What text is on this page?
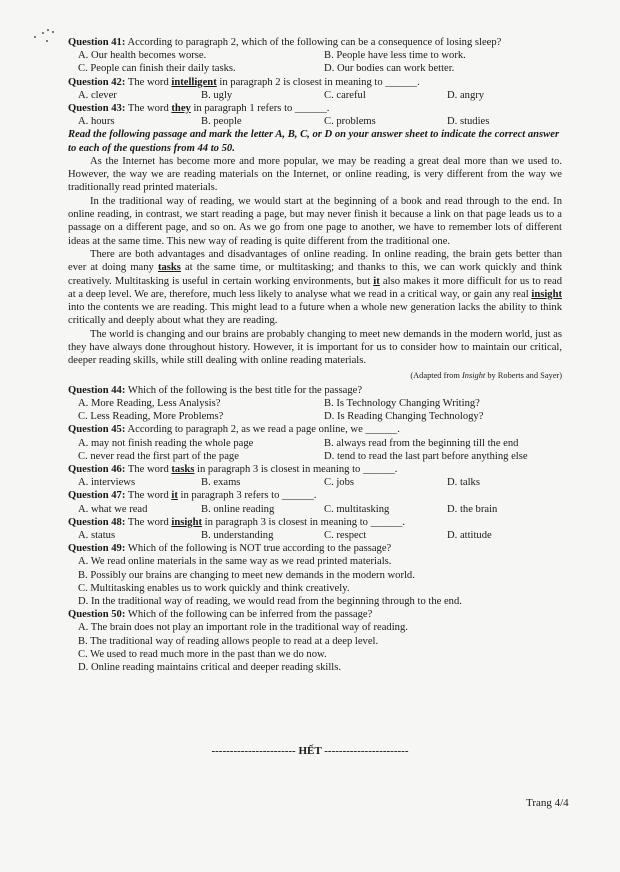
Question 41: According to paragraph 2, which of the following can be a consequence of losing sleep?

A. Our health becomes worse.	B. People have less time to work.
C. People can finish their daily tasks.	D. Our bodies can work better.

Question 42: The word intelligent in paragraph 2 is closest in meaning to ______.

A. clever	B. ugly	C. careful	D. angry

Question 43: The word they in paragraph 1 refers to ______.

A. hours	B. people	C. problems	D. studies

Read the following passage and mark the letter A, B, C, or D on your answer sheet to indicate the correct answer to each of the questions from 44 to 50.

As the Internet has become more and more popular, we may be reading a great deal more than we used to. However, the way we are reading materials on the Internet, or online reading, is very different from the way we traditionally read printed materials.

In the traditional way of reading, we would start at the beginning of a book and read through to the end. In online reading, in contrast, we start reading a page, but may never finish it because a link on that page leads us to a passage on a different page, and so on. As we go from one page to another, we have to remember lots of different ideas at the same time. This new way of reading is quite different from the traditional one.

There are both advantages and disadvantages of online reading. In online reading, the brain gets better than ever at doing many tasks at the same time, or multitasking; and thanks to this, we can work quickly and think creatively. Multitasking is useful in certain working environments, but it also makes it more difficult for us to read at a deep level. We are, therefore, much less likely to analyse what we read in a critical way, or gain any real insight into the contents we are reading. This might lead to a future when a whole new generation lacks the ability to think critically and deeply about what they are reading.

The world is changing and our brains are probably changing to meet new demands in the modern world, just as they have always done throughout history. However, it is important for us to consider how to maintain our critical, deeper reading skills, while still dealing with online reading materials.

(Adapted from Insight by Roberts and Sayer)

Question 44: Which of the following is the best title for the passage?

A. More Reading, Less Analysis?	B. Is Technology Changing Writing?
C. Less Reading, More Problems?	D. Is Reading Changing Technology?

Question 45: According to paragraph 2, as we read a page online, we ______.

A. may not finish reading the whole page	B. always read from the beginning till the end
C. never read the first part of the page	D. tend to read the last part before anything else

Question 46: The word tasks in paragraph 3 is closest in meaning to ______.

A. interviews	B. exams	C. jobs	D. talks

Question 47: The word it in paragraph 3 refers to ______.

A. what we read	B. online reading	C. multitasking	D. the brain

Question 48: The word insight in paragraph 3 is closest in meaning to ______.

A. status	B. understanding	C. respect	D. attitude

Question 49: Which of the following is NOT true according to the passage?

A. We read online materials in the same way as we read printed materials.
B. Possibly our brains are changing to meet new demands in the modern world.
C. Multitasking enables us to work quickly and think creatively.
D. In the traditional way of reading, we would read from the beginning through to the end.

Question 50: Which of the following can be inferred from the passage?

A. The brain does not play an important role in the traditional way of reading.
B. The traditional way of reading allows people to read at a deep level.
C. We used to read much more in the past than we do now.
D. Online reading maintains critical and deeper reading skills.
----------------------- HẾT -----------------------
Trang 4/4
